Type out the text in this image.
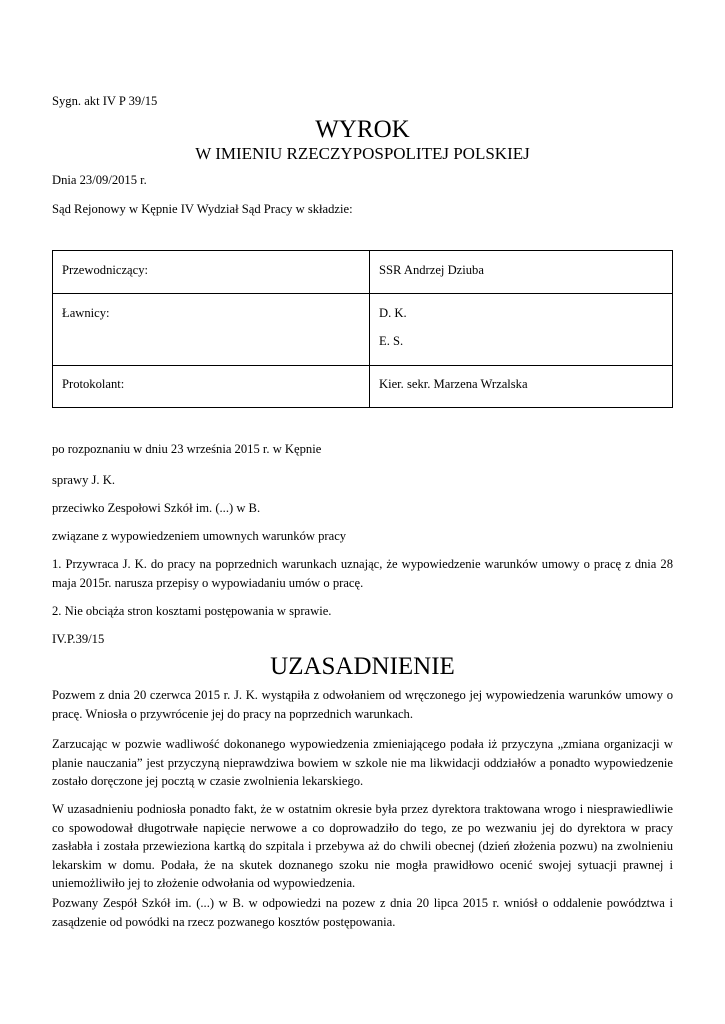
Sygn. akt IV P 39/15
WYROK
W IMIENIU RZECZYPOSPOLITEJ POLSKIEJ
Dnia 23/09/2015 r.
Sąd Rejonowy w Kępnie IV Wydział Sąd Pracy w składzie:
Przewodniczący:	SSR Andrzej Dziuba

Ławnicy:	D. K.
E. S.

Protokolant:	Kier. sekr. Marzena Wrzalska
po rozpoznaniu w dniu 23 września 2015 r. w Kępnie
sprawy J. K.
przeciwko Zespołowi Szkół im. (...) w B.
związane z wypowiedzeniem umownych warunków pracy
1. Przywraca J. K. do pracy na poprzednich warunkach uznając, że wypowiedzenie warunków umowy o pracę z dnia 28 maja 2015r. narusza przepisy o wypowiadaniu umów o pracę.
2. Nie obciąża stron kosztami postępowania w sprawie.
IV.P.39/15
UZASADNIENIE
Pozwem z dnia 20 czerwca 2015 r. J. K. wystąpiła z odwołaniem od wręczonego jej wypowiedzenia warunków umowy o pracę. Wniosła o przywrócenie jej do pracy na poprzednich warunkach.
Zarzucając w pozwie wadliwość dokonanego wypowiedzenia zmieniającego podała iż przyczyna „zmiana organizacji w planie nauczania” jest przyczyną nieprawdziwa bowiem w szkole nie ma likwidacji oddziałów a ponadto wypowiedzenie zostało doręczone jej pocztą w czasie zwolnienia lekarskiego.
W uzasadnieniu podniosła ponadto fakt, że w ostatnim okresie była przez dyrektora traktowana wrogo i niesprawiedliwie co spowodował długotrwałe napięcie nerwowe a co doprowadziło do tego, ze po wezwaniu jej do dyrektora w pracy zasłabła i została przewieziona kartką do szpitala i przebywa aż do chwili obecnej (dzień złożenia pozwu) na zwolnieniu lekarskim w domu. Podała, że na skutek doznanego szoku nie mogła prawidłowo ocenić swojej sytuacji prawnej i uniemożliwiło jej to złożenie odwołania od wypowiedzenia.
Pozwany Zespół Szkół im. (...) w B. w odpowiedzi na pozew z dnia 20 lipca 2015 r. wniósł o oddalenie powództwa i zasądzenie od powódki na rzecz pozwanego kosztów postępowania.
